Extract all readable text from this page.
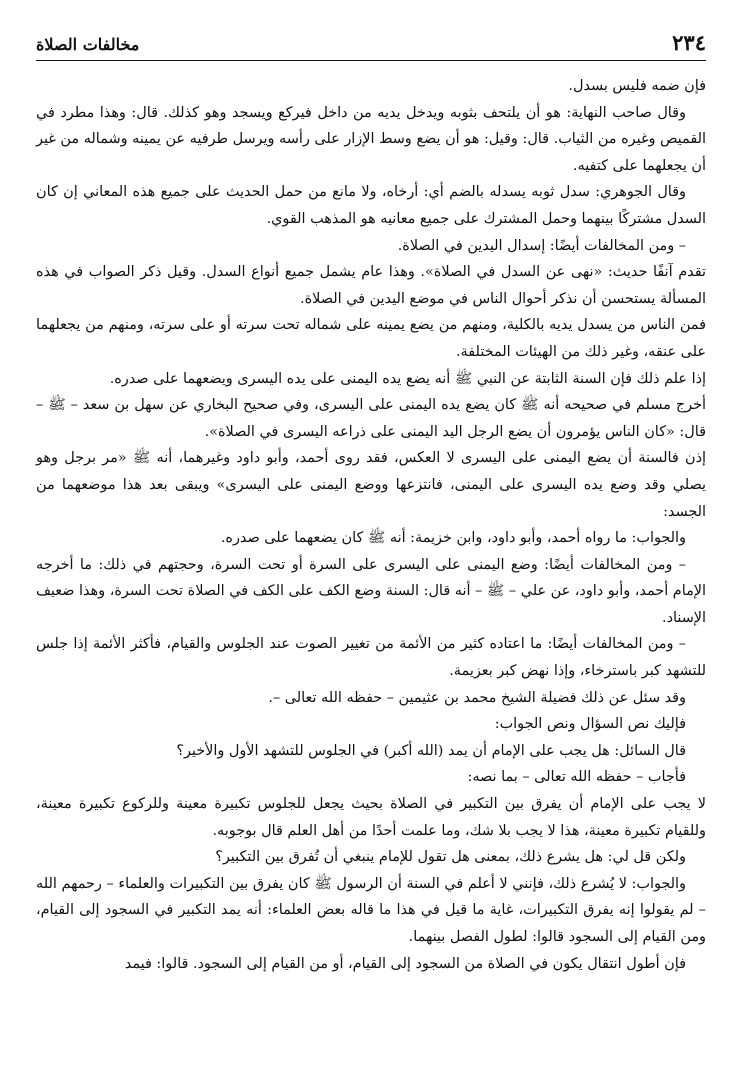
٢٣٤
مخالفات الصلاة

فإن ضمه فليس بسدل.

وقال صاحب النهاية: هو أن يلتحف بثوبه ويدخل يديه من داخل فيركع ويسجد وهو كذلك. قال: وهذا مطرد في القميص وغيره من الثياب. قال: وقيل: هو أن يضع وسط الإزار على رأسه ويرسل طرفيه عن يمينه وشماله من غير أن يجعلهما على كتفيه.

وقال الجوهري: سدل ثوبه يسدله بالضم أي: أرخاه، ولا مانع من حمل الحديث على جميع هذه المعاني إن كان السدل مشتركًا بينهما وحمل المشترك على جميع معانيه هو المذهب القوي.

– ومن المخالفات أيضًا: إسدال اليدين في الصلاة.

تقدم آنفًا حديث: «نهى عن السدل في الصلاة». وهذا عام يشمل جميع أنواع السدل. وقيل ذكر الصواب في هذه المسألة يستحسن أن نذكر أحوال الناس في موضع اليدين في الصلاة.

فمن الناس من يسدل يديه بالكلية، ومنهم من يضع يمينه على شماله تحت سرته أو على سرته، ومنهم من يجعلهما على عنقه، وغير ذلك من الهيئات المختلفة.

إذا علم ذلك فإن السنة الثابتة عن النبي ﷺ أنه يضع يده اليمنى على يده اليسرى ويضعهما على صدره.

أخرج مسلم في صحيحه أنه ﷺ كان يضع يده اليمنى على اليسرى، وفي صحيح البخاري عن سهل بن سعد – ﷺ – قال: «كان الناس يؤمرون أن يضع الرجل اليد اليمنى على ذراعه اليسرى في الصلاة».

إذن فالسنة أن يضع اليمنى على اليسرى لا العكس، فقد روى أحمد، وأبو داود وغيرهما، أنه ﷺ «مر برجل وهو يصلي وقد وضع يده اليسرى على اليمنى، فانتزعها ووضع اليمنى على اليسرى» ويبقى بعد هذا موضعهما من الجسد:

والجواب: ما رواه أحمد، وأبو داود، وابن خزيمة: أنه ﷺ كان يضعهما على صدره.

– ومن المخالفات أيضًا: وضع اليمنى على اليسرى على السرة أو تحت السرة، وحجتهم في ذلك: ما أخرجه الإمام أحمد، وأبو داود، عن علي – ﷺ – أنه قال: السنة وضع الكف على الكف في الصلاة تحت السرة، وهذا ضعيف الإسناد.

– ومن المخالفات أيضًا: ما اعتاده كثير من الأئمة من تغيير الصوت عند الجلوس والقيام، فأكثر الأئمة إذا جلس للتشهد كبر باسترخاء، وإذا نهض كبر بعزيمة.

وقد سئل عن ذلك فضيلة الشيخ محمد بن عثيمين – حفظه الله تعالى –.

فإليك نص السؤال ونص الجواب:

قال السائل: هل يجب على الإمام أن يمد (الله أكبر) في الجلوس للتشهد الأول والأخير؟

فأجاب – حفظه الله تعالى – بما نصه:

لا يجب على الإمام أن يفرق بين التكبير في الصلاة بحيث يجعل للجلوس تكبيرة معينة وللركوع تكبيرة معينة، وللقيام تكبيرة معينة، هذا لا يجب بلا شك، وما علمت أحدًا من أهل العلم قال بوجوبه.

ولكن قل لي: هل يشرع ذلك، بمعنى هل تقول للإمام ينبغي أن تُفرق بين التكبير؟

والجواب: لا يُشرع ذلك، فإنني لا أعلم في السنة أن الرسول ﷺ كان يفرق بين التكبيرات والعلماء – رحمهم الله – لم يقولوا إنه يفرق التكبيرات، غاية ما قيل في هذا ما قاله بعض العلماء: أنه يمد التكبير في السجود إلى القيام، ومن القيام إلى السجود قالوا: لطول الفصل بينهما.

فإن أطول انتقال يكون في الصلاة من السجود إلى القيام، أو من القيام إلى السجود. قالوا: فيمد
